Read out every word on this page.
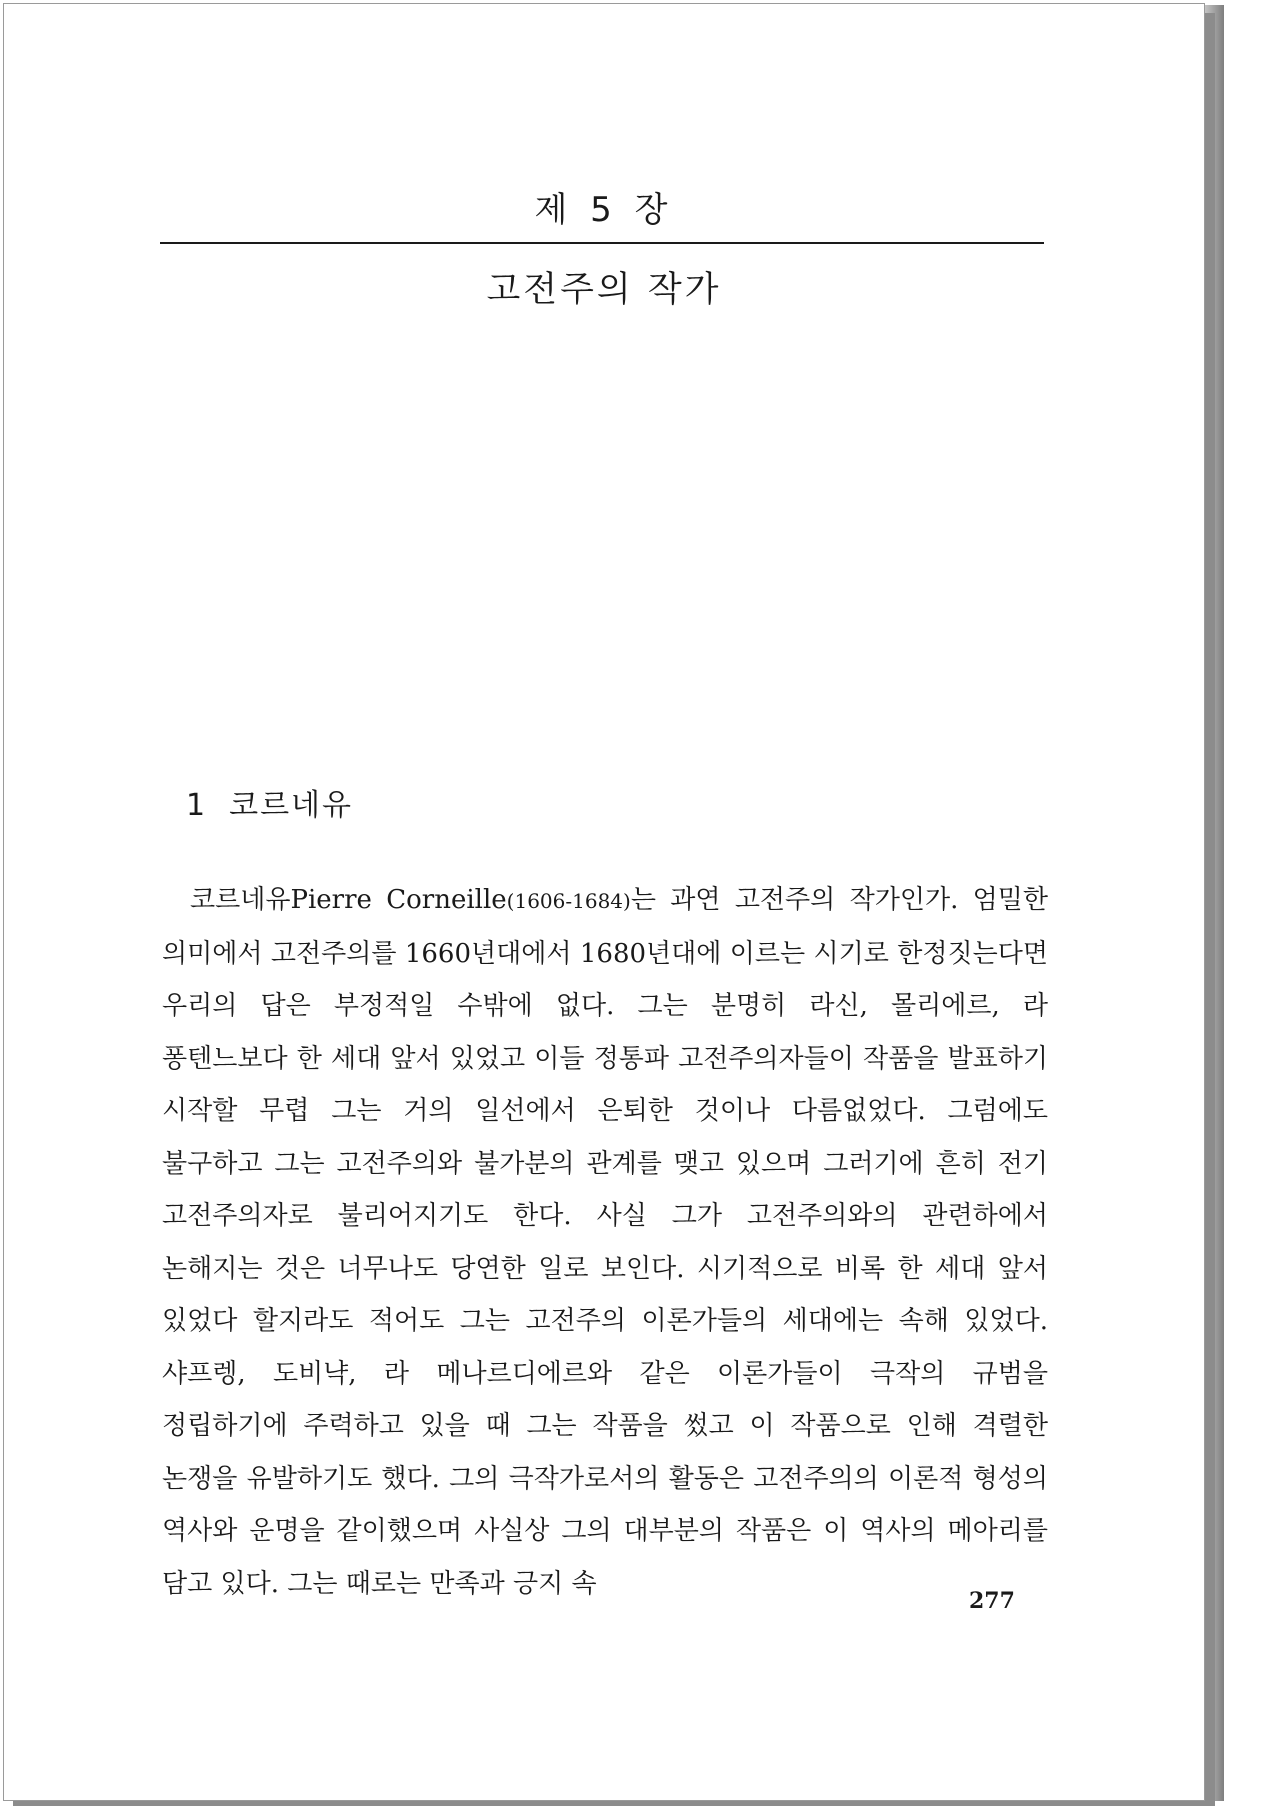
제 5 장
고전주의 작가
1 코르네유

코르네유Pierre Corneille(1606-1684)는 과연 고전주의 작가인가. 엄밀한 의미에서 고전주의를 1660년대에서 1680년대에 이르는 시기로 한정짓는다면 우리의 답은 부정적일 수밖에 없다. 그는 분명히 라신, 몰리에르, 라 퐁텐느보다 한 세대 앞서 있었고 이들 정통파 고전주의자들이 작품을 발표하기 시작할 무렵 그는 거의 일선에서 은퇴한 것이나 다름없었다. 그럼에도 불구하고 그는 고전주의와 불가분의 관계를 맺고 있으며 그러기에 흔히 전기 고전주의자로 불리어지기도 한다. 사실 그가 고전주의와의 관련하에서 논해지는 것은 너무나도 당연한 일로 보인다. 시기적으로 비록 한 세대 앞서 있었다 할지라도 적어도 그는 고전주의 이론가들의 세대에는 속해 있었다. 샤프렝, 도비냑, 라 메나르디에르와 같은 이론가들이 극작의 규범을 정립하기에 주력하고 있을 때 그는 작품을 썼고 이 작품으로 인해 격렬한 논쟁을 유발하기도 했다. 그의 극작가로서의 활동은 고전주의의 이론적 형성의 역사와 운명을 같이했으며 사실상 그의 대부분의 작품은 이 역사의 메아리를 담고 있다. 그는 때로는 만족과 긍지 속

277
